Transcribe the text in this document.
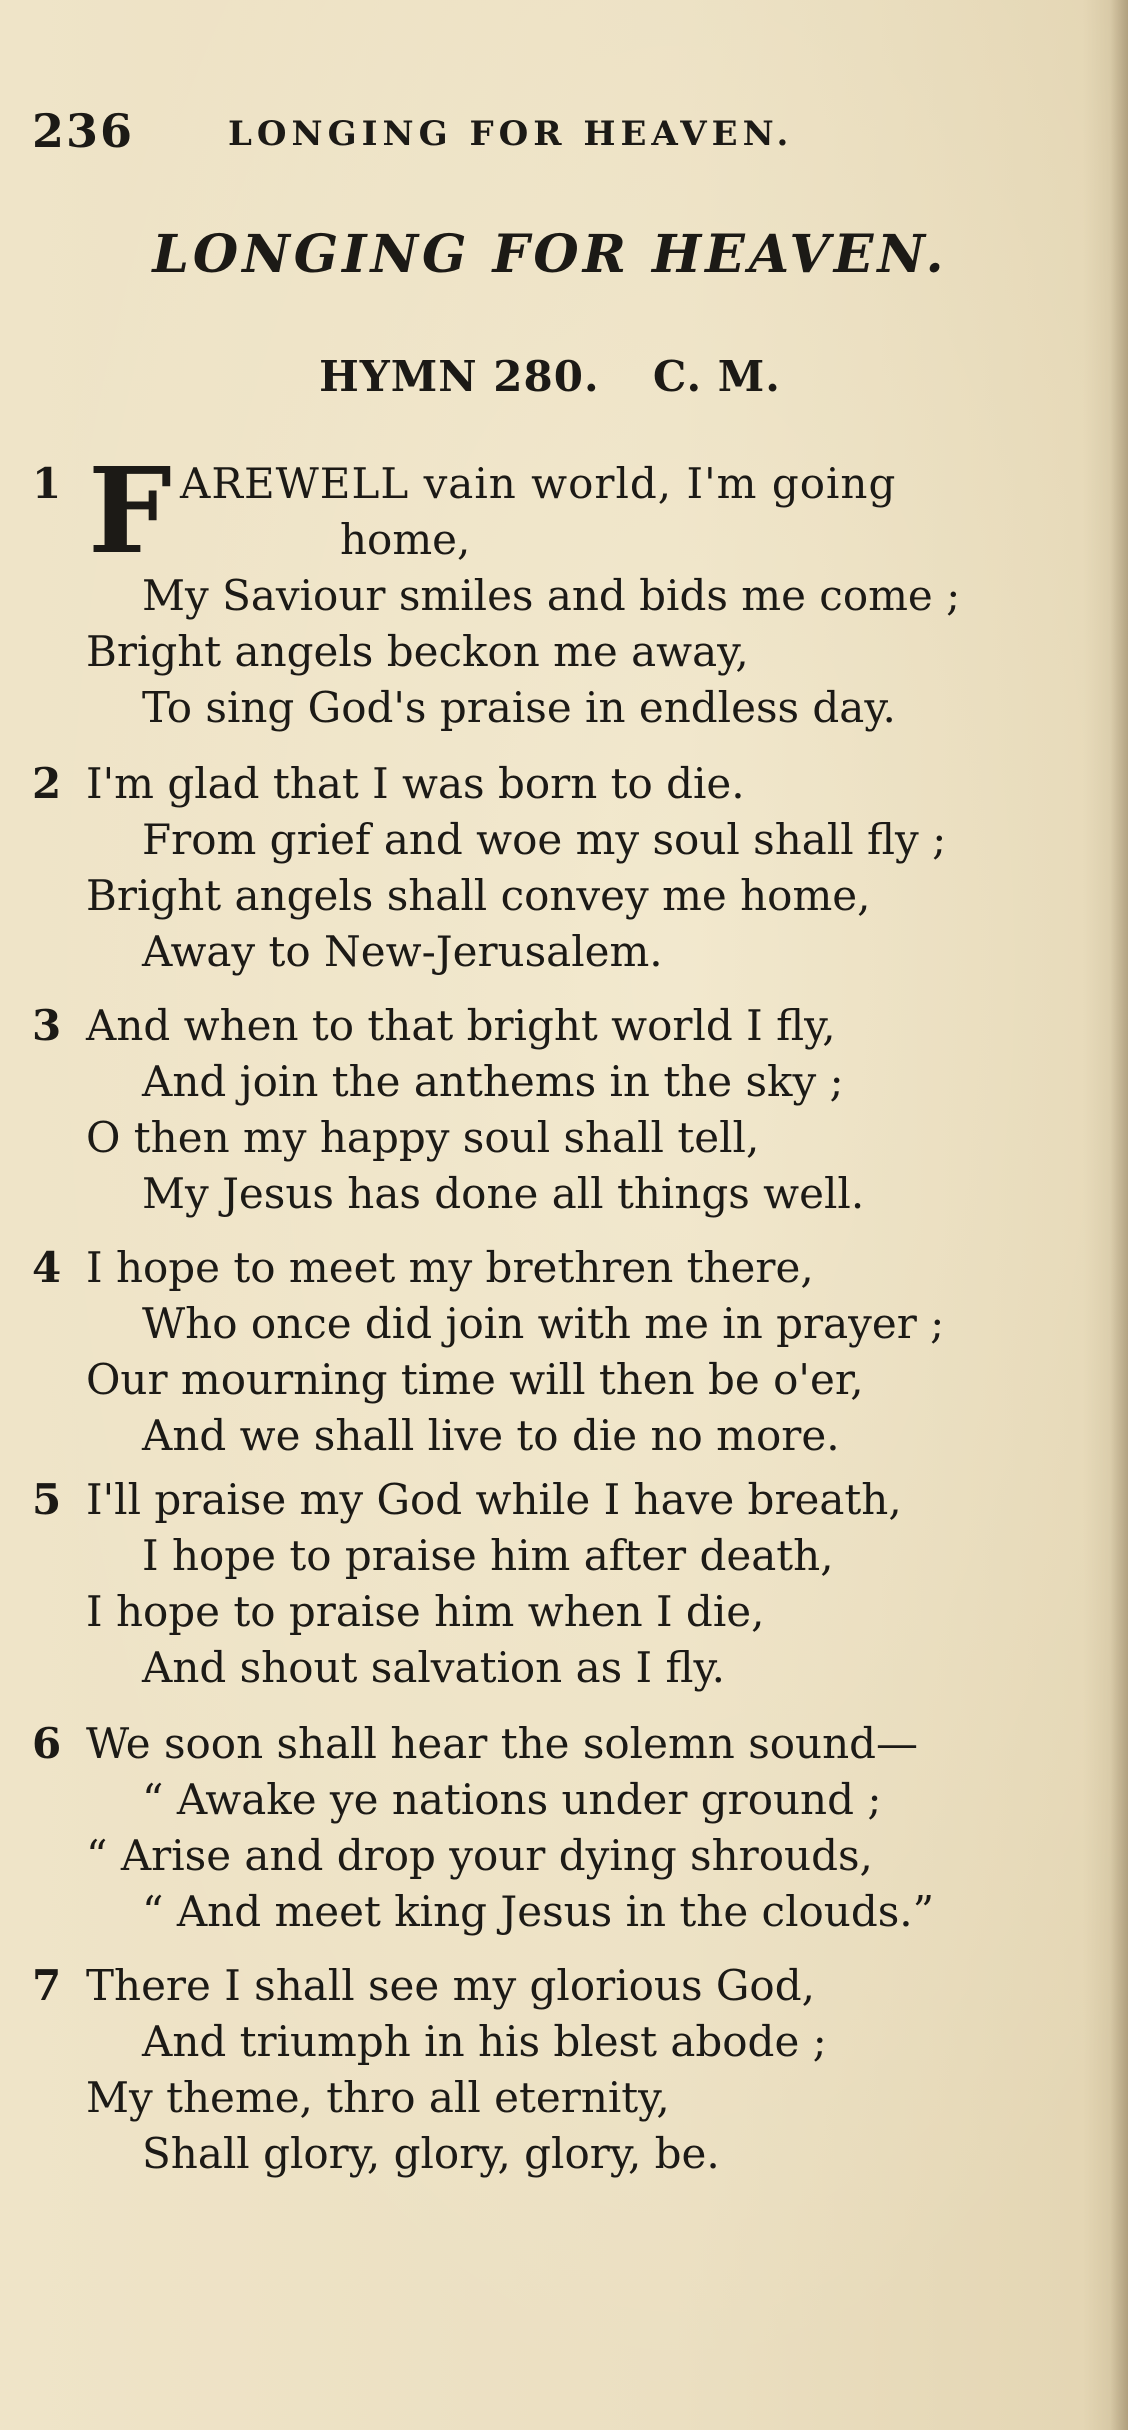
236	LONGING FOR HEAVEN.
LONGING FOR HEAVEN.
HYMN 280. C. M.
1 F AREWELL vain world, I'm going
home,
My Saviour smiles and bids me come ;
Bright angels beckon me away,
To sing God's praise in endless day.
2 I'm glad that I was born to die.
From grief and woe my soul shall fly ;
Bright angels shall convey me home,
Away to New-Jerusalem.
3 And when to that bright world I fly,
And join the anthems in the sky ;
O then my happy soul shall tell,
My Jesus has done all things well.
4 I hope to meet my brethren there,
Who once did join with me in prayer ;
Our mourning time will then be o'er,
And we shall live to die no more.
5 I'll praise my God while I have breath,
I hope to praise him after death,
I hope to praise him when I die,
And shout salvation as I fly.
6 We soon shall hear the solemn sound—
“ Awake ye nations under ground ;
“ Arise and drop your dying shrouds,
“ And meet king Jesus in the clouds.”
7 There I shall see my glorious God,
And triumph in his blest abode ;
My theme, thro all eternity,
Shall glory, glory, glory, be.
